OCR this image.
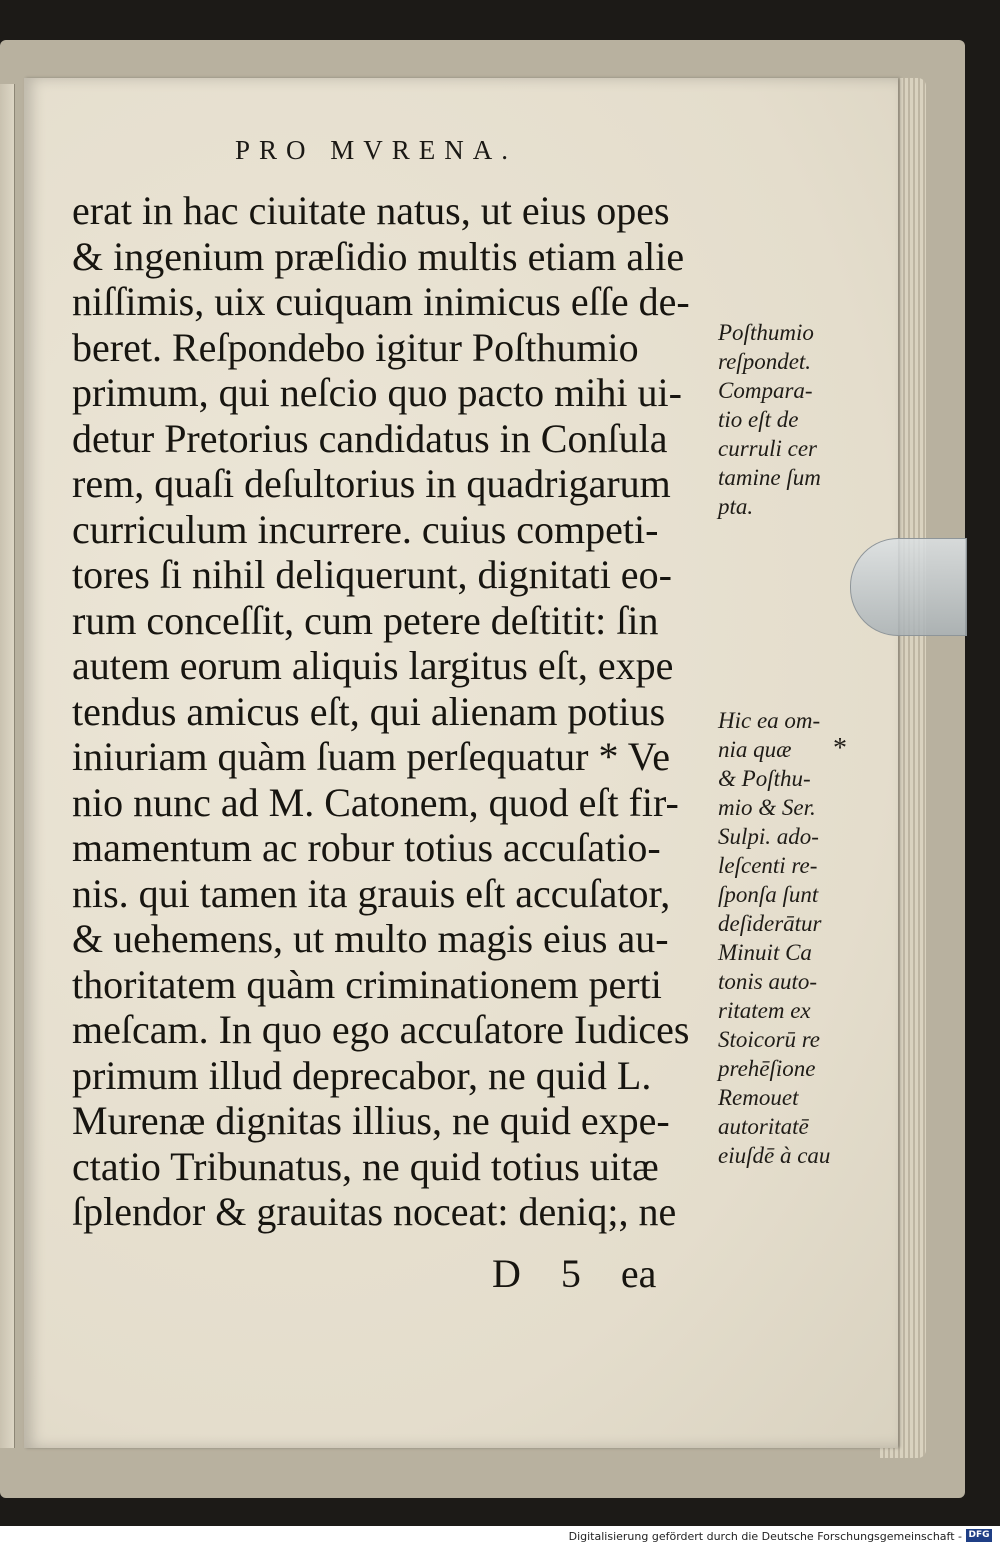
PRO MVRENA.
erat in hac ciuitate natus, ut eius opes
& ingenium præſidio multis etiam alie
niſſimis, uix cuiquam inimicus eſſe de-
beret. Reſpondebo igitur Poſthumio
primum, qui neſcio quo pacto mihi ui-
detur Pretorius candidatus in Conſula
rem, quaſi deſultorius in quadrigarum
curriculum incurrere. cuius competi-
tores ſi nihil deliquerunt, dignitati eo-
rum conceſſit, cum petere deſtitit: ſin
autem eorum aliquis largitus eſt, expe
tendus amicus eſt, qui alienam potius
iniuriam quàm ſuam perſequatur * Ve
nio nunc ad M. Catonem, quod eſt fir-
mamentum ac robur totius accuſatio-
nis. qui tamen ita grauis eſt accuſator,
& uehemens, ut multo magis eius au-
thoritatem quàm criminationem perti
meſcam. In quo ego accuſatore Iudices
primum illud deprecabor, ne quid L.
Murenæ dignitas illius, ne quid expe-
ctatio Tribunatus, ne quid totius uitæ
ſplendor & grauitas noceat: deniq;, ne
D 5 ea
Poſthumio
reſpondet.
Compara-
tio eſt de
curruli cer
tamine ſum
pta.
Hic ea om-
nia quæ
& Poſthu-
mio & Ser.
Sulpi. ado-
leſcenti re-
ſponſa ſunt
deſiderātur
Minuit Ca
tonis auto-
ritatem ex
Stoicorū re
prehēſione
Remouet
autoritatē
eiuſdē à cau
*
Digitalisierung gefördert durch die Deutsche Forschungsgemeinschaft - DFG
